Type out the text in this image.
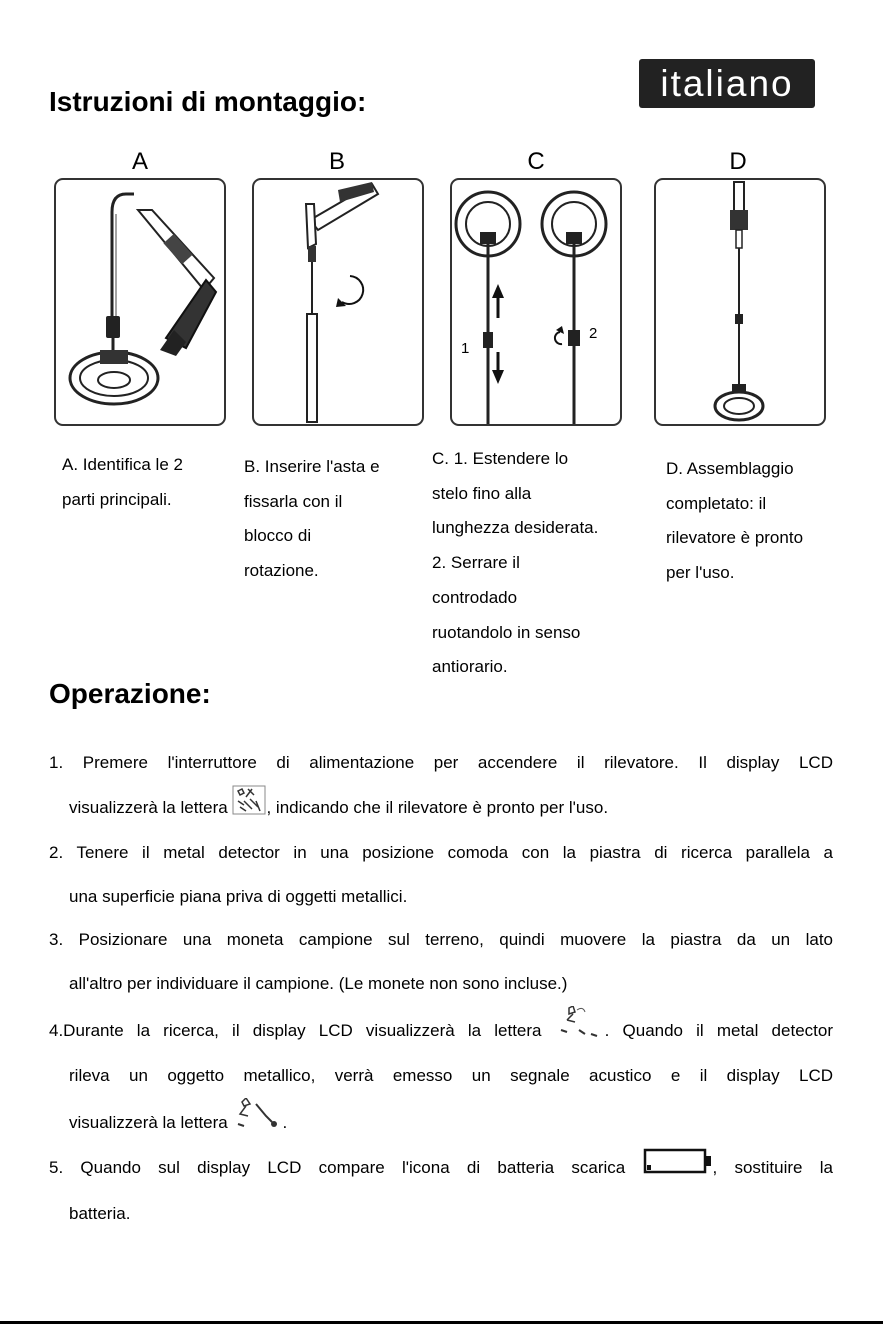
Istruzioni di montaggio:	italiano
A	B	C	D
1
2
A. Identifica le 2
parti principali.
B. Inserire l'asta e
fissarla con il
blocco di
rotazione.
C. 1. Estendere lo
stelo fino alla
lunghezza desiderata.
2. Serrare il
controdado
ruotandolo in senso
antiorario.
D. Assemblaggio
completato: il
rilevatore è pronto
per l'uso.
Operazione:

1. Premere l'interruttore di alimentazione per accendere il rilevatore. Il display LCD

visualizzerà la lettera , indicando che il rilevatore è pronto per l'uso.

2. Tenere il metal detector in una posizione comoda con la piastra di ricerca parallela a

una superficie piana priva di oggetti metallici.

3. Posizionare una moneta campione sul terreno, quindi muovere la piastra da un lato

all'altro per individuare il campione. (Le monete non sono incluse.)

4.Durante la ricerca, il display LCD visualizzerà la lettera	. Quando il metal detector

rileva un oggetto metallico, verrà emesso un segnale acustico e il display LCD

visualizzerà la lettera	.

5. Quando sul display LCD compare l'icona di batteria scarica	, sostituire la

batteria.
